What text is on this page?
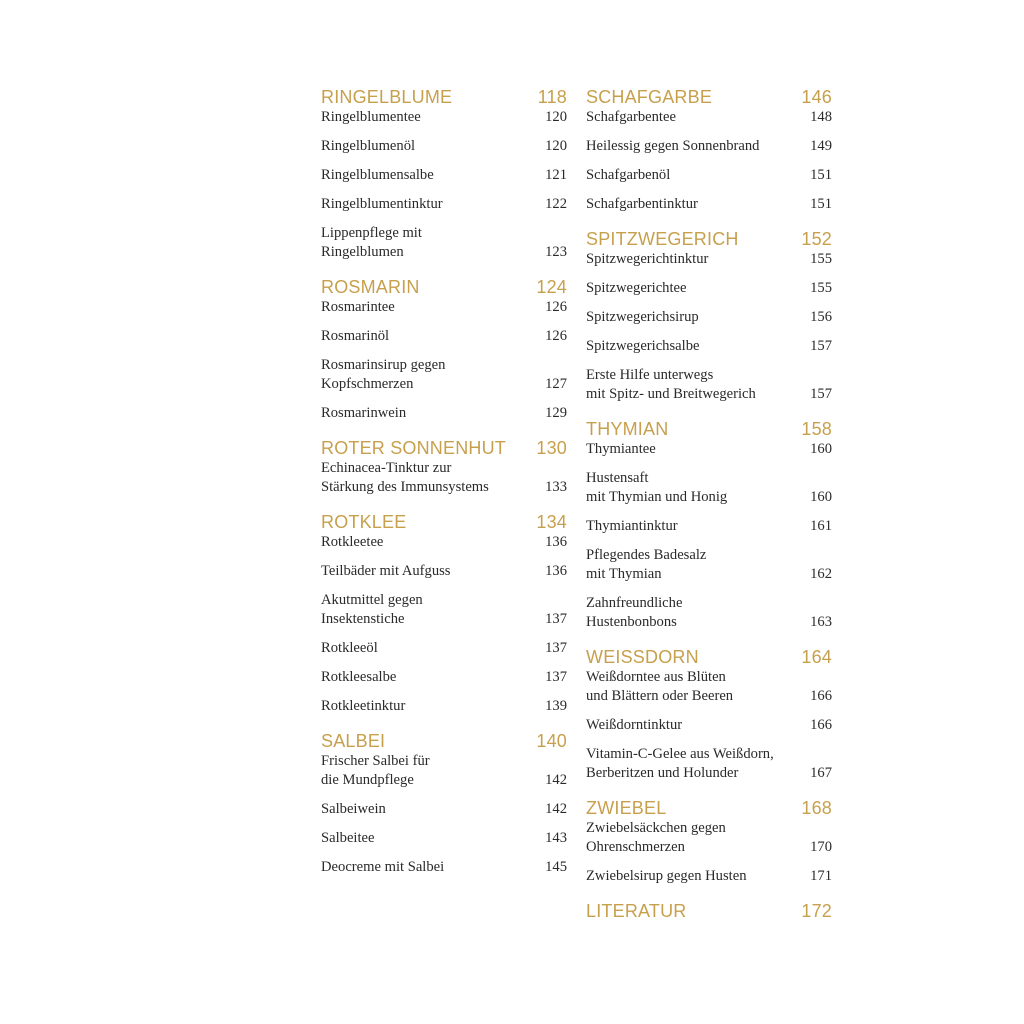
RINGELBLUME	118
Ringelblumentee	120
Ringelblumenöl	120
Ringelblumensalbe	121
Ringelblumentinktur	122
Lippenpflege mit
Ringelblumen	123
ROSMARIN	124
Rosmarintee	126
Rosmarinöl	126
Rosmarinsirup gegen
Kopfschmerzen	127
Rosmarinwein	129
ROTER SONNENHUT 130
Echinacea-Tinktur zur
Stärkung des Immunsystems	133
ROTKLEE	134
Rotkleetee	136
Teilbäder mit Aufguss	136
Akutmittel gegen
Insektenstiche	137
Rotkleeöl	137
Rotkleesalbe	137
Rotkleetinktur	139
SALBEI	140
Frischer Salbei für
die Mundpflege	142
Salbeiwein	142
Salbeitee	143
Deocreme mit Salbei	145
SCHAFGARBE	146
Schafgarbentee	148
Heilessig gegen Sonnenbrand	149
Schafgarbenöl	151
Schafgarbentinktur	151
SPITZWEGERICH	152
Spitzwegerichtinktur	155
Spitzwegerichtee	155
Spitzwegerichsirup	156
Spitzwegerichsalbe	157
Erste Hilfe unterwegs
mit Spitz- und Breitwegerich	157
THYMIAN	158
Thymiantee	160
Hustensaft
mit Thymian und Honig	160
Thymiantinktur	161
Pflegendes Badesalz
mit Thymian	162
Zahnfreundliche
Hustenbonbons	163
WEISSDORN	164
Weißdorntee aus Blüten
und Blättern oder Beeren	166
Weißdorntinktur	166
Vitamin-C-Gelee aus Weißdorn,
Berberitzen und Holunder	167
ZWIEBEL	168
Zwiebelsäckchen gegen
Ohrenschmerzen	170
Zwiebelsirup gegen Husten	171
LITERATUR	172
